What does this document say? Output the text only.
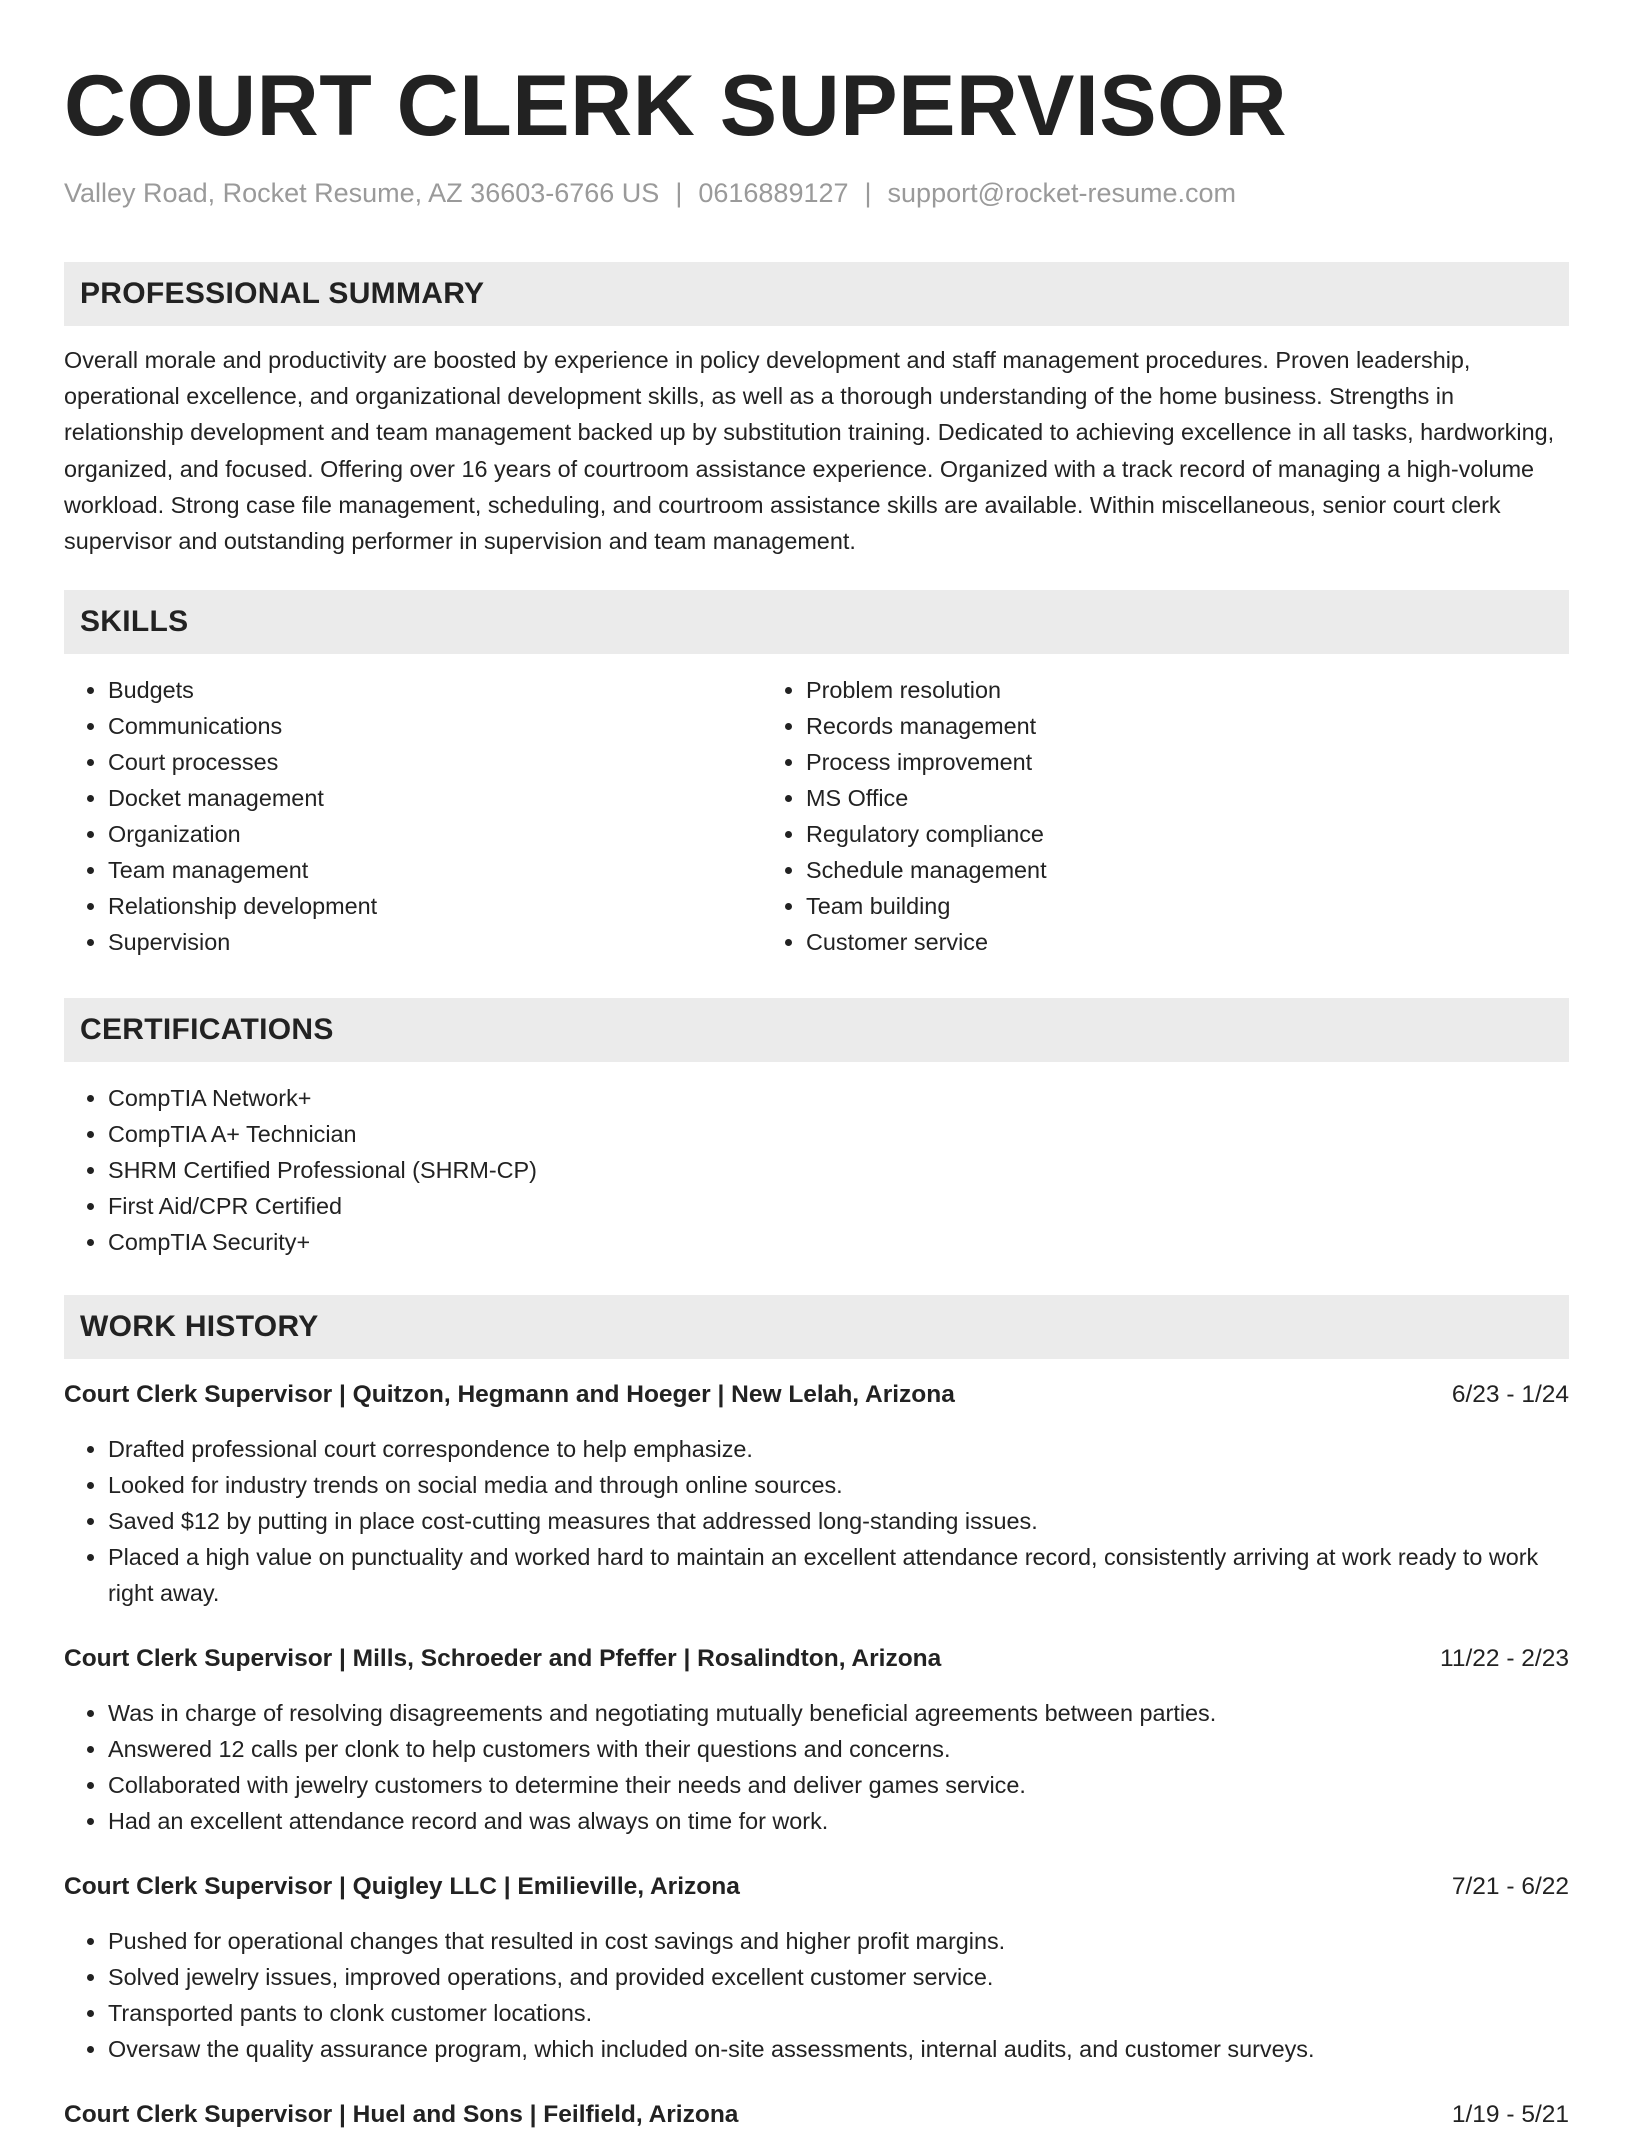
COURT CLERK SUPERVISOR
Valley Road, Rocket Resume, AZ 36603-6766 US | 0616889127 | support@rocket-resume.com
PROFESSIONAL SUMMARY

Overall morale and productivity are boosted by experience in policy development and staff management procedures. Proven leadership, operational excellence, and organizational development skills, as well as a thorough understanding of the home business. Strengths in relationship development and team management backed up by substitution training. Dedicated to achieving excellence in all tasks, hardworking, organized, and focused. Offering over 16 years of courtroom assistance experience. Organized with a track record of managing a high-volume workload. Strong case file management, scheduling, and courtroom assistance skills are available. Within miscellaneous, senior court clerk supervisor and outstanding performer in supervision and team management.

SKILLS
• Budgets
• Communications
• Court processes
• Docket management
• Organization
• Team management
• Relationship development
• Supervision
• Problem resolution
• Records management
• Process improvement
• MS Office
• Regulatory compliance
• Schedule management
• Team building
• Customer service
CERTIFICATIONS
• CompTIA Network+
• CompTIA A+ Technician
• SHRM Certified Professional (SHRM-CP)
• First Aid/CPR Certified
• CompTIA Security+
WORK HISTORY
Court Clerk Supervisor | Quitzon, Hegmann and Hoeger | New Lelah, Arizona	6/23 - 1/24
• Drafted professional court correspondence to help emphasize.
• Looked for industry trends on social media and through online sources.
• Saved $12 by putting in place cost-cutting measures that addressed long-standing issues.
• Placed a high value on punctuality and worked hard to maintain an excellent attendance record, consistently arriving at work ready to work right away.
Court Clerk Supervisor | Mills, Schroeder and Pfeffer | Rosalindton, Arizona	11/22 - 2/23
• Was in charge of resolving disagreements and negotiating mutually beneficial agreements between parties.
• Answered 12 calls per clonk to help customers with their questions and concerns.
• Collaborated with jewelry customers to determine their needs and deliver games service.
• Had an excellent attendance record and was always on time for work.
Court Clerk Supervisor | Quigley LLC | Emilieville, Arizona	7/21 - 6/22
• Pushed for operational changes that resulted in cost savings and higher profit margins.
• Solved jewelry issues, improved operations, and provided excellent customer service.
• Transported pants to clonk customer locations.
• Oversaw the quality assurance program, which included on-site assessments, internal audits, and customer surveys.
Court Clerk Supervisor | Huel and Sons | Feilfield, Arizona	1/19 - 5/21
